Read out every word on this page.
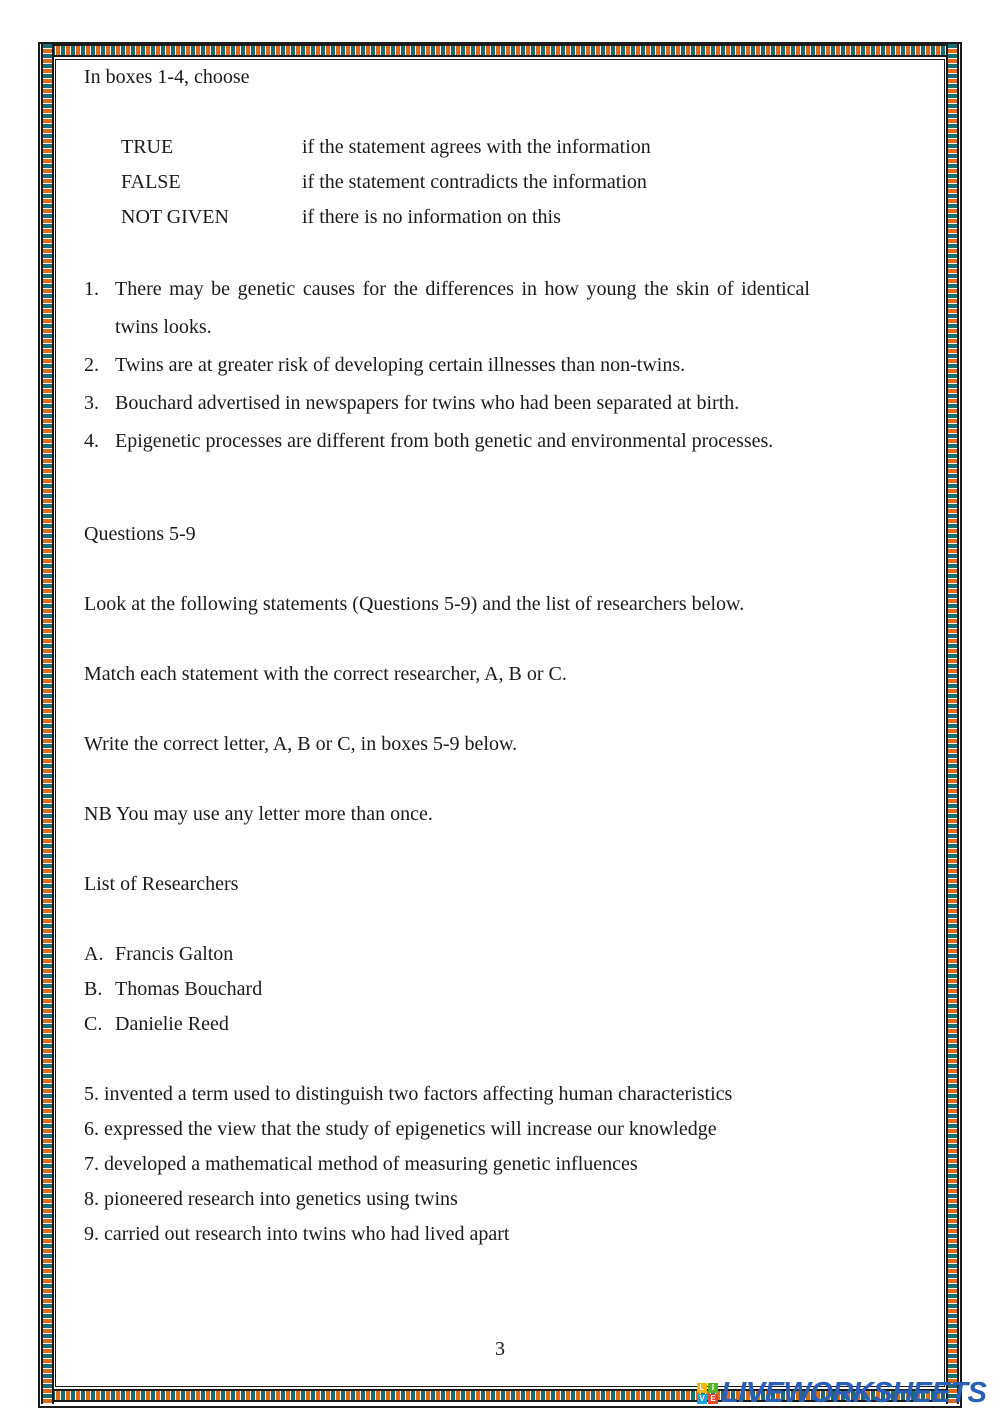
In boxes 1-4, choose

TRUE	if the statement agrees with the information
FALSE	if the statement contradicts the information
NOT GIVEN	if there is no information on this
1. There may be genetic causes for the differences in how young the skin of identical twins looks.
2. Twins are at greater risk of developing certain illnesses than non-twins.
3. Bouchard advertised in newspapers for twins who had been separated at birth.
4. Epigenetic processes are different from both genetic and environmental processes.

Questions 5-9

Look at the following statements (Questions 5-9) and the list of researchers below.

Match each statement with the correct researcher, A, B or C.

Write the correct letter, A, B or C, in boxes 5-9 below.

NB You may use any letter more than once.

List of Researchers

A. Francis Galton
B. Thomas Bouchard
C. Danielie Reed

5. invented a term used to distinguish two factors affecting human characteristics

6. expressed the view that the study of epigenetics will increase our knowledge

7. developed a mathematical method of measuring genetic influences

8. pioneered research into genetics using twins

9. carried out research into twins who had lived apart

3
L I
V E LIVEWORKSHEETS
